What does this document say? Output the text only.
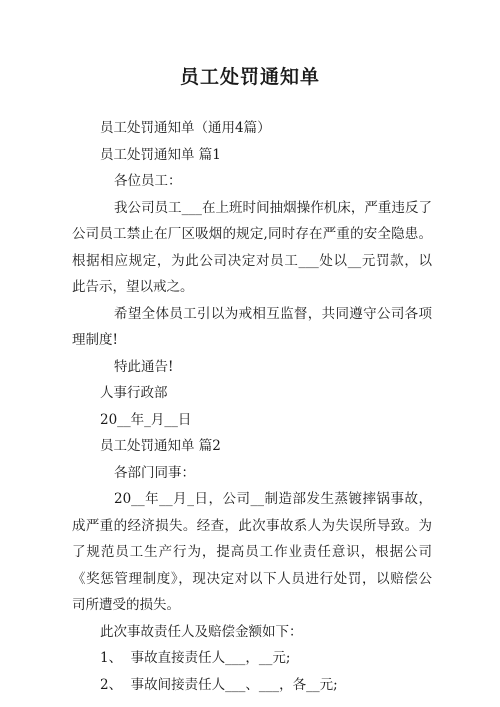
员工处罚通知单
员工处罚通知单（通用4篇）
员工处罚通知单 篇1
各位员工：
我公司员工___在上班时间抽烟操作机床，严重违反了
公司员工禁止在厂区吸烟的规定,同时存在严重的安全隐患。
根据相应规定，为此公司决定对员工___处以__元罚款，以
此告示，望以戒之。
希望全体员工引以为戒相互监督，共同遵守公司各项
理制度!
特此通告!
人事行政部
20__年_月__日
员工处罚通知单 篇2
各部门同事：
20__年__月_日，公司__制造部发生蒸镀摔锅事故，
成严重的经济损失。经查，此次事故系人为失误所导致。为
了规范员工生产行为，提高员工作业责任意识，根据公司
《奖惩管理制度》，现决定对以下人员进行处罚，以赔偿公
司所遭受的损失。
此次事故责任人及赔偿金额如下：
1、  事故直接责任人___，__元;
2、  事故间接责任人___、___，各__元;
